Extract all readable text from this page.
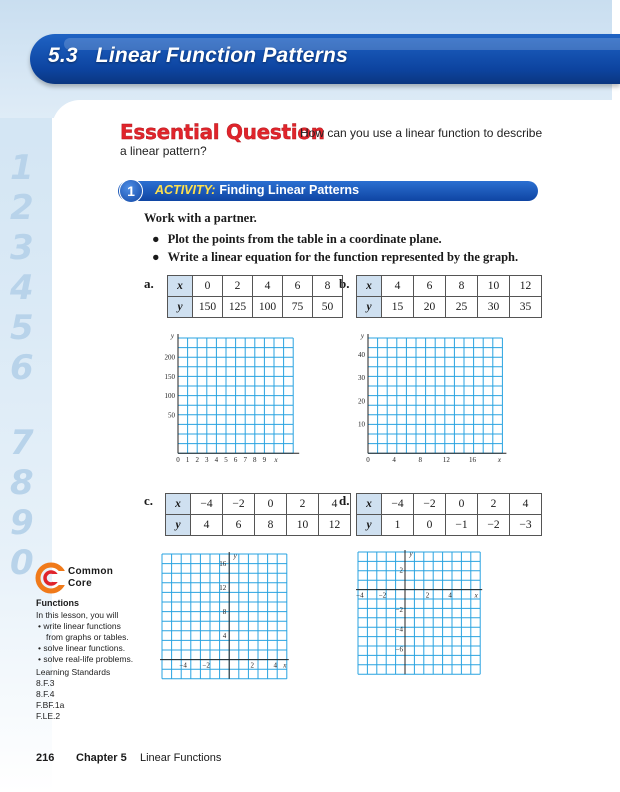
1
2
3
4
5
6
7
8
9
0
5.3 Linear Function Patterns
Essential Question
How can you use a linear function to describe
a linear pattern?
1	ACTIVITY: Finding Linear Patterns
Work with a partner.
● Plot the points from the table in a coordinate plane.
● Write a linear equation for the function represented by the graph.
a.	b.
c.	d.
x	0	2	4	6	8
y	150	125	100	75	50
x	4	6	8	10	12
y	15	20	25	30	35
x	−4	−2	0	2	4
y	4	6	8	10	12
x	−4	−2	0	2	4
y	1	0	−1	−2	−3
0 1 2 3 4 5 6 7 8 9 x
200
150
100
50
y
0	4	8	12	16	x
40
30
20
10
y
−4 −2	2	4 x
16
12
8
4
y
−4 −2	2	4	x
2
−2
−4
−6
y
Common
Core
Functions
In this lesson, you will
• write linear functions
from graphs or tables.
• solve linear functions.
• solve real-life problems.
Learning Standards
8.F.3
8.F.4
F.BF.1a
F.LE.2
216 Chapter 5 Linear Functions
